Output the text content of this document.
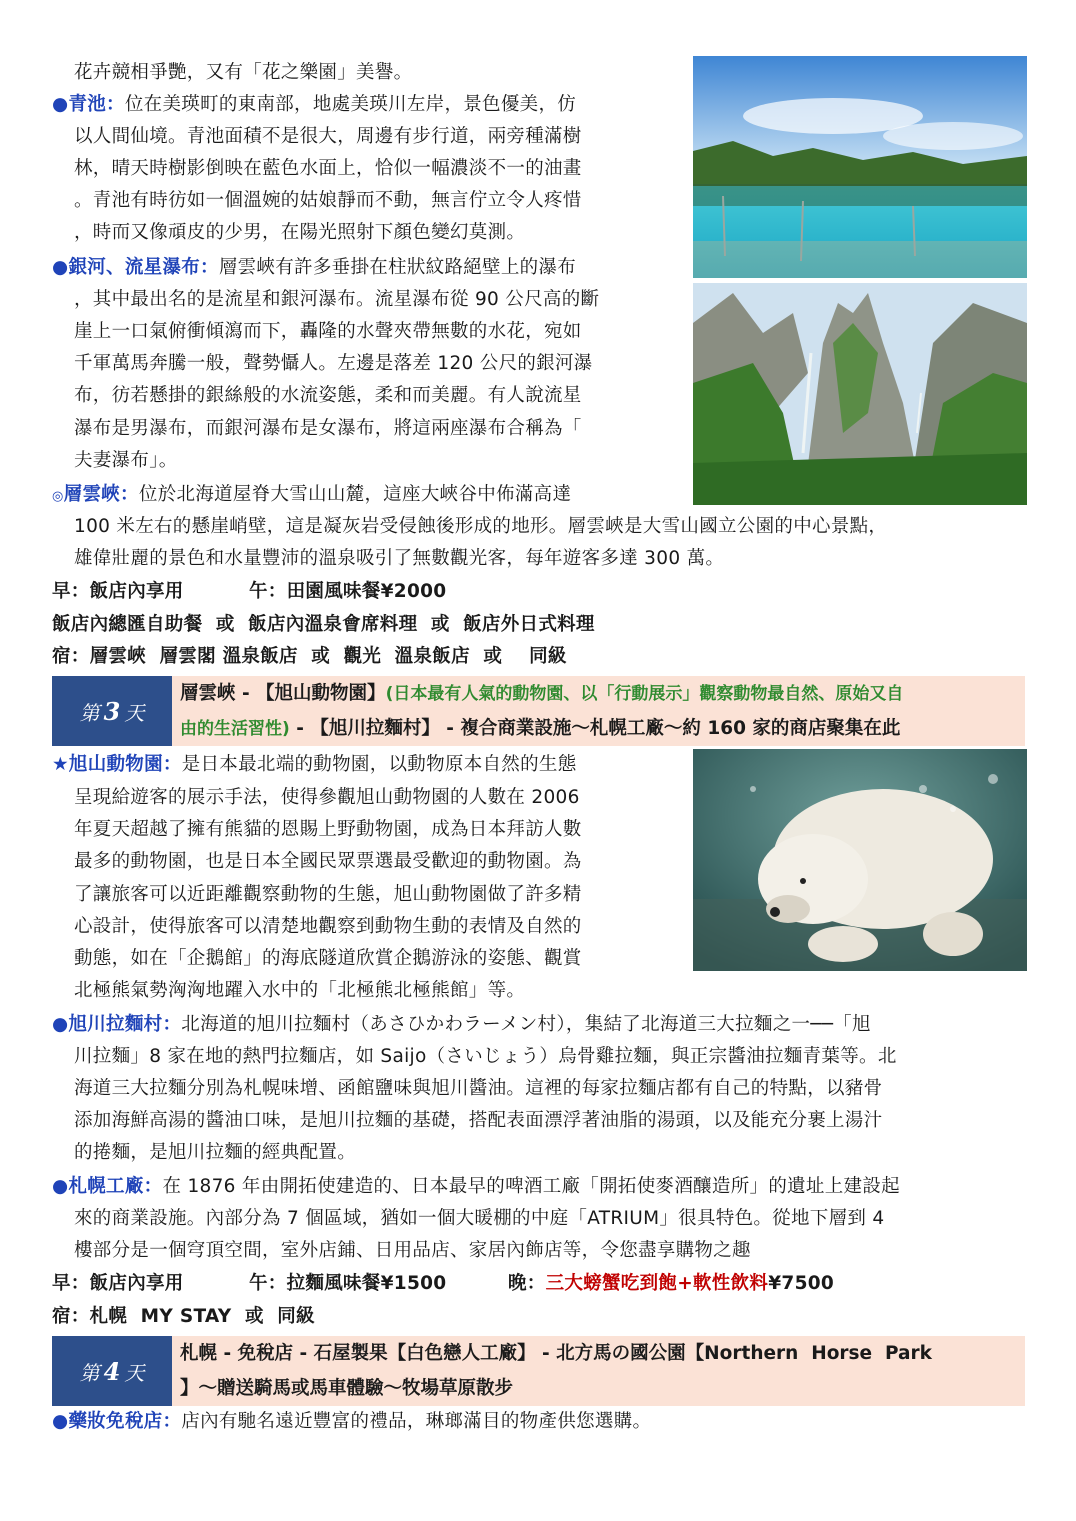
花卉競相爭艷，又有「花之樂園」美譽。
●青池：位在美瑛町的東南部，地處美瑛川左岸，景色優美，仿
以人間仙境。青池面積不是很大，周邊有步行道，兩旁種滿樹
林，晴天時樹影倒映在藍色水面上，恰似一幅濃淡不一的油畫
。青池有時彷如一個溫婉的姑娘靜而不動，無言佇立令人疼惜
，時而又像頑皮的少男，在陽光照射下顏色變幻莫測。
●銀河、流星瀑布：層雲峽有許多垂掛在柱狀紋路絕壁上的瀑布
，其中最出名的是流星和銀河瀑布。流星瀑布從 90 公尺高的斷
崖上一口氣俯衝傾瀉而下，轟隆的水聲夾帶無數的水花，宛如
千軍萬馬奔騰一般，聲勢懾人。左邊是落差 120 公尺的銀河瀑
布，彷若懸掛的銀絲般的水流姿態，柔和而美麗。有人說流星
瀑布是男瀑布，而銀河瀑布是女瀑布，將這兩座瀑布合稱為「
夫妻瀑布」。
◎層雲峽：位於北海道屋脊大雪山山麓，這座大峽谷中佈滿高達
100 米左右的懸崖峭壁，這是凝灰岩受侵蝕後形成的地形。層雲峽是大雪山國立公園的中心景點，
雄偉壯麗的景色和水量豐沛的溫泉吸引了無數觀光客，每年遊客多達 300 萬。
早：飯店內享用	午：田園風味餐¥2000
飯店內總匯自助餐  或  飯店內溫泉會席料理  或  飯店外日式料理
宿：層雲峽  層雲閣 溫泉飯店  或  觀光  溫泉飯店  或    同級
第 3 天
層雲峽 - 【旭山動物園】(日本最有人氣的動物園、以「行動展示」觀察動物最自然、原始又自
由的生活習性) - 【旭川拉麵村】 - 複合商業設施～札幌工廠～約 160 家的商店聚集在此
★旭山動物園：是日本最北端的動物園，以動物原本自然的生態
呈現給遊客的展示手法，使得參觀旭山動物園的人數在 2006
年夏天超越了擁有熊貓的恩賜上野動物園，成為日本拜訪人數
最多的動物園，也是日本全國民眾票選最受歡迎的動物園。為
了讓旅客可以近距離觀察動物的生態，旭山動物園做了許多精
心設計，使得旅客可以清楚地觀察到動物生動的表情及自然的
動態，如在「企鵝館」的海底隧道欣賞企鵝游泳的姿態、觀賞
北極熊氣勢洶洶地躍入水中的「北極熊北極熊館」等。
●旭川拉麵村：北海道的旭川拉麵村（あさひかわラーメン村），集結了北海道三大拉麵之一──「旭
川拉麵」8 家在地的熱門拉麵店，如 Saijo（さいじょう）烏骨雞拉麵，與正宗醬油拉麵青葉等。北
海道三大拉麵分別為札幌味增、函館鹽味與旭川醬油。這裡的每家拉麵店都有自己的特點，以豬骨
添加海鮮高湯的醬油口味，是旭川拉麵的基礎，搭配表面漂浮著油脂的湯頭，以及能充分裹上湯汁
的捲麵，是旭川拉麵的經典配置。
●札幌工廠：在 1876 年由開拓使建造的、日本最早的啤酒工廠「開拓使麥酒釀造所」的遺址上建設起
來的商業設施。內部分為 7 個區域，猶如一個大暖棚的中庭「ATRIUM」很具特色。從地下層到 4
樓部分是一個穹頂空間，室外店鋪、日用品店、家居內飾店等，令您盡享購物之趣
早：飯店內享用	午：拉麵風味餐¥1500	晚：三大螃蟹吃到飽+軟性飲料¥7500
宿：札幌  MY STAY  或  同級
第 4 天
札幌 - 免稅店 - 石屋製果【白色戀人工廠】 - 北方馬の國公園【Northern  Horse  Park
】～贈送騎馬或馬車體驗～牧場草原散步
●藥妝免稅店：店內有馳名遠近豐富的禮品，琳瑯滿目的物產供您選購。
